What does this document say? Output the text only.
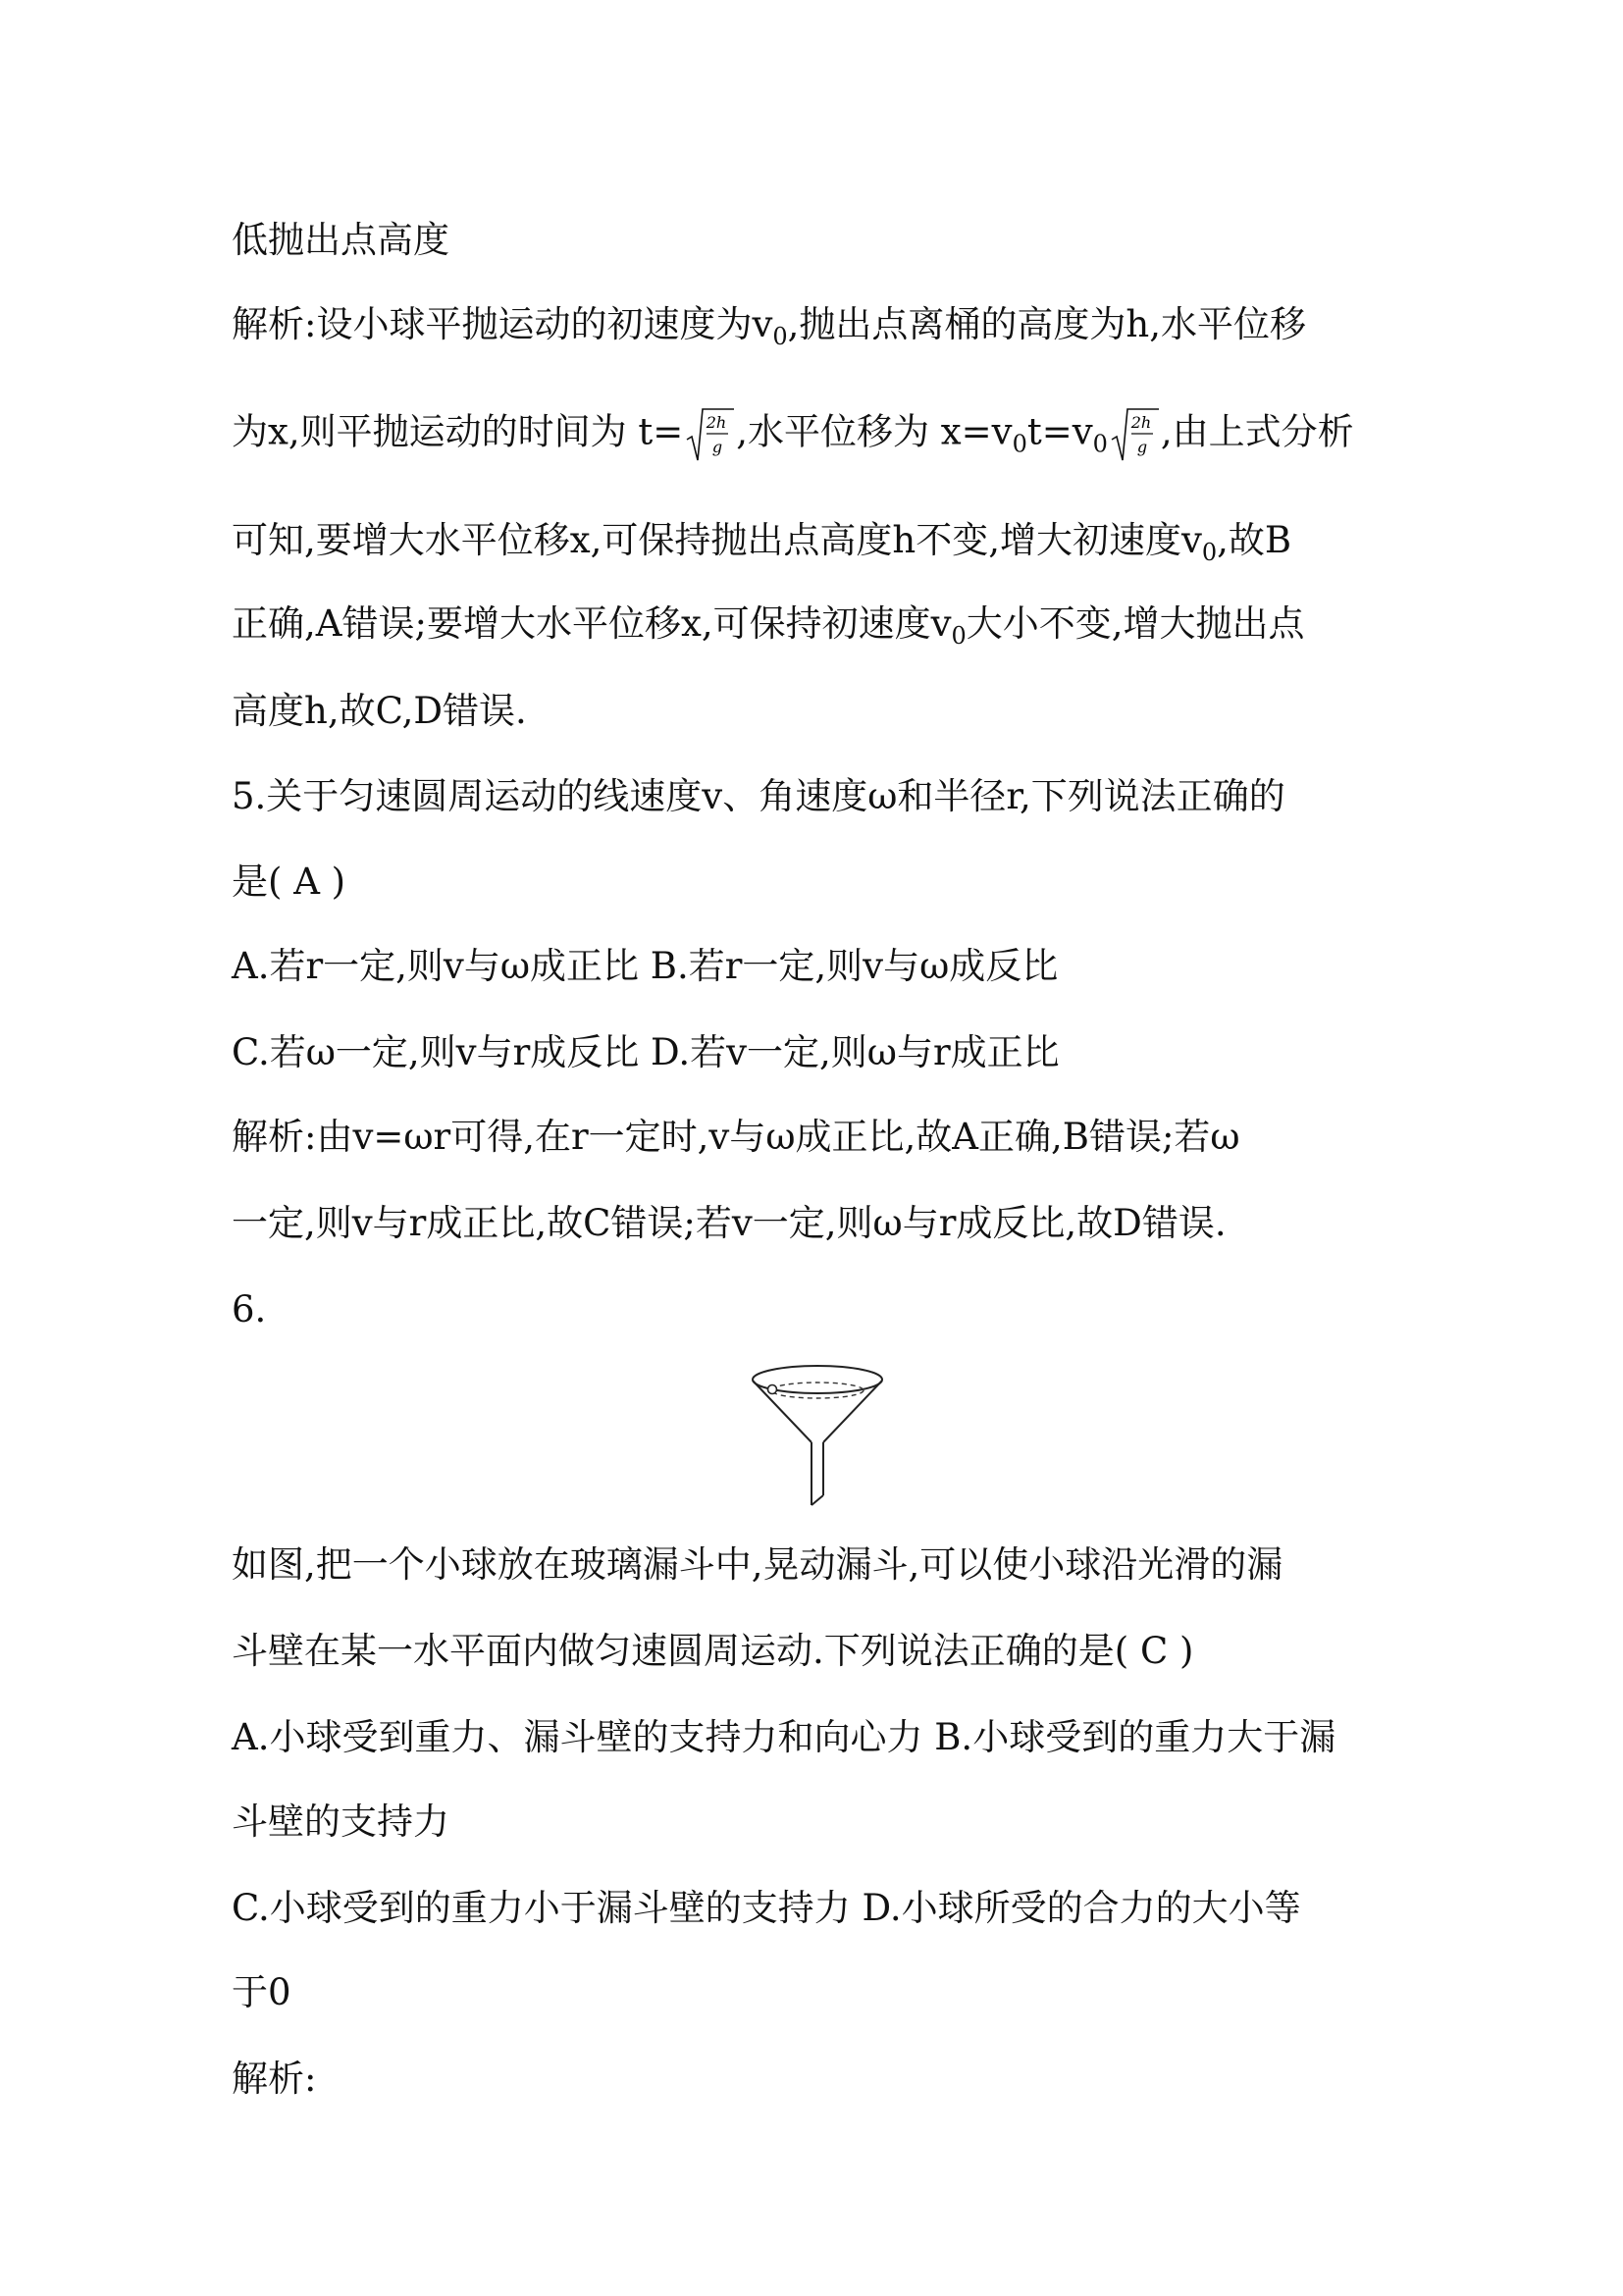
低抛出点高度
解析:设小球平抛运动的初速度为$v_0$,抛出点离桶的高度为h,水平位移
为x,则平抛运动的时间为 t= 2h
g ,水平位移为 $x=v_0t=v_0$
2h
g ,由上式分析
可知,要增大水平位移x,可保持抛出点高度h不变,增大初速度$v_0$,故B
正确,A错误;要增大水平位移x,可保持初速度$v_0$大小不变,增大抛出点
高度h,故C,D错误.
5.关于匀速圆周运动的线速度v、角速度ω和半径r,下列说法正确的
是( A )
A.若r一定,则v与ω成正比 B.若r一定,则v与ω成反比
C.若ω一定,则v与r成反比 D.若v一定,则ω与r成正比
解析:由v=ωr可得,在r一定时,v与ω成正比,故A正确,B错误;若ω
一定,则v与r成正比,故C错误;若v一定,则ω与r成反比,故D错误.
6.
如图,把一个小球放在玻璃漏斗中,晃动漏斗,可以使小球沿光滑的漏
斗壁在某一水平面内做匀速圆周运动.下列说法正确的是( C )
A.小球受到重力、漏斗壁的支持力和向心力 B.小球受到的重力大于漏
斗壁的支持力
C.小球受到的重力小于漏斗壁的支持力 D.小球所受的合力的大小等
于0
解析:
